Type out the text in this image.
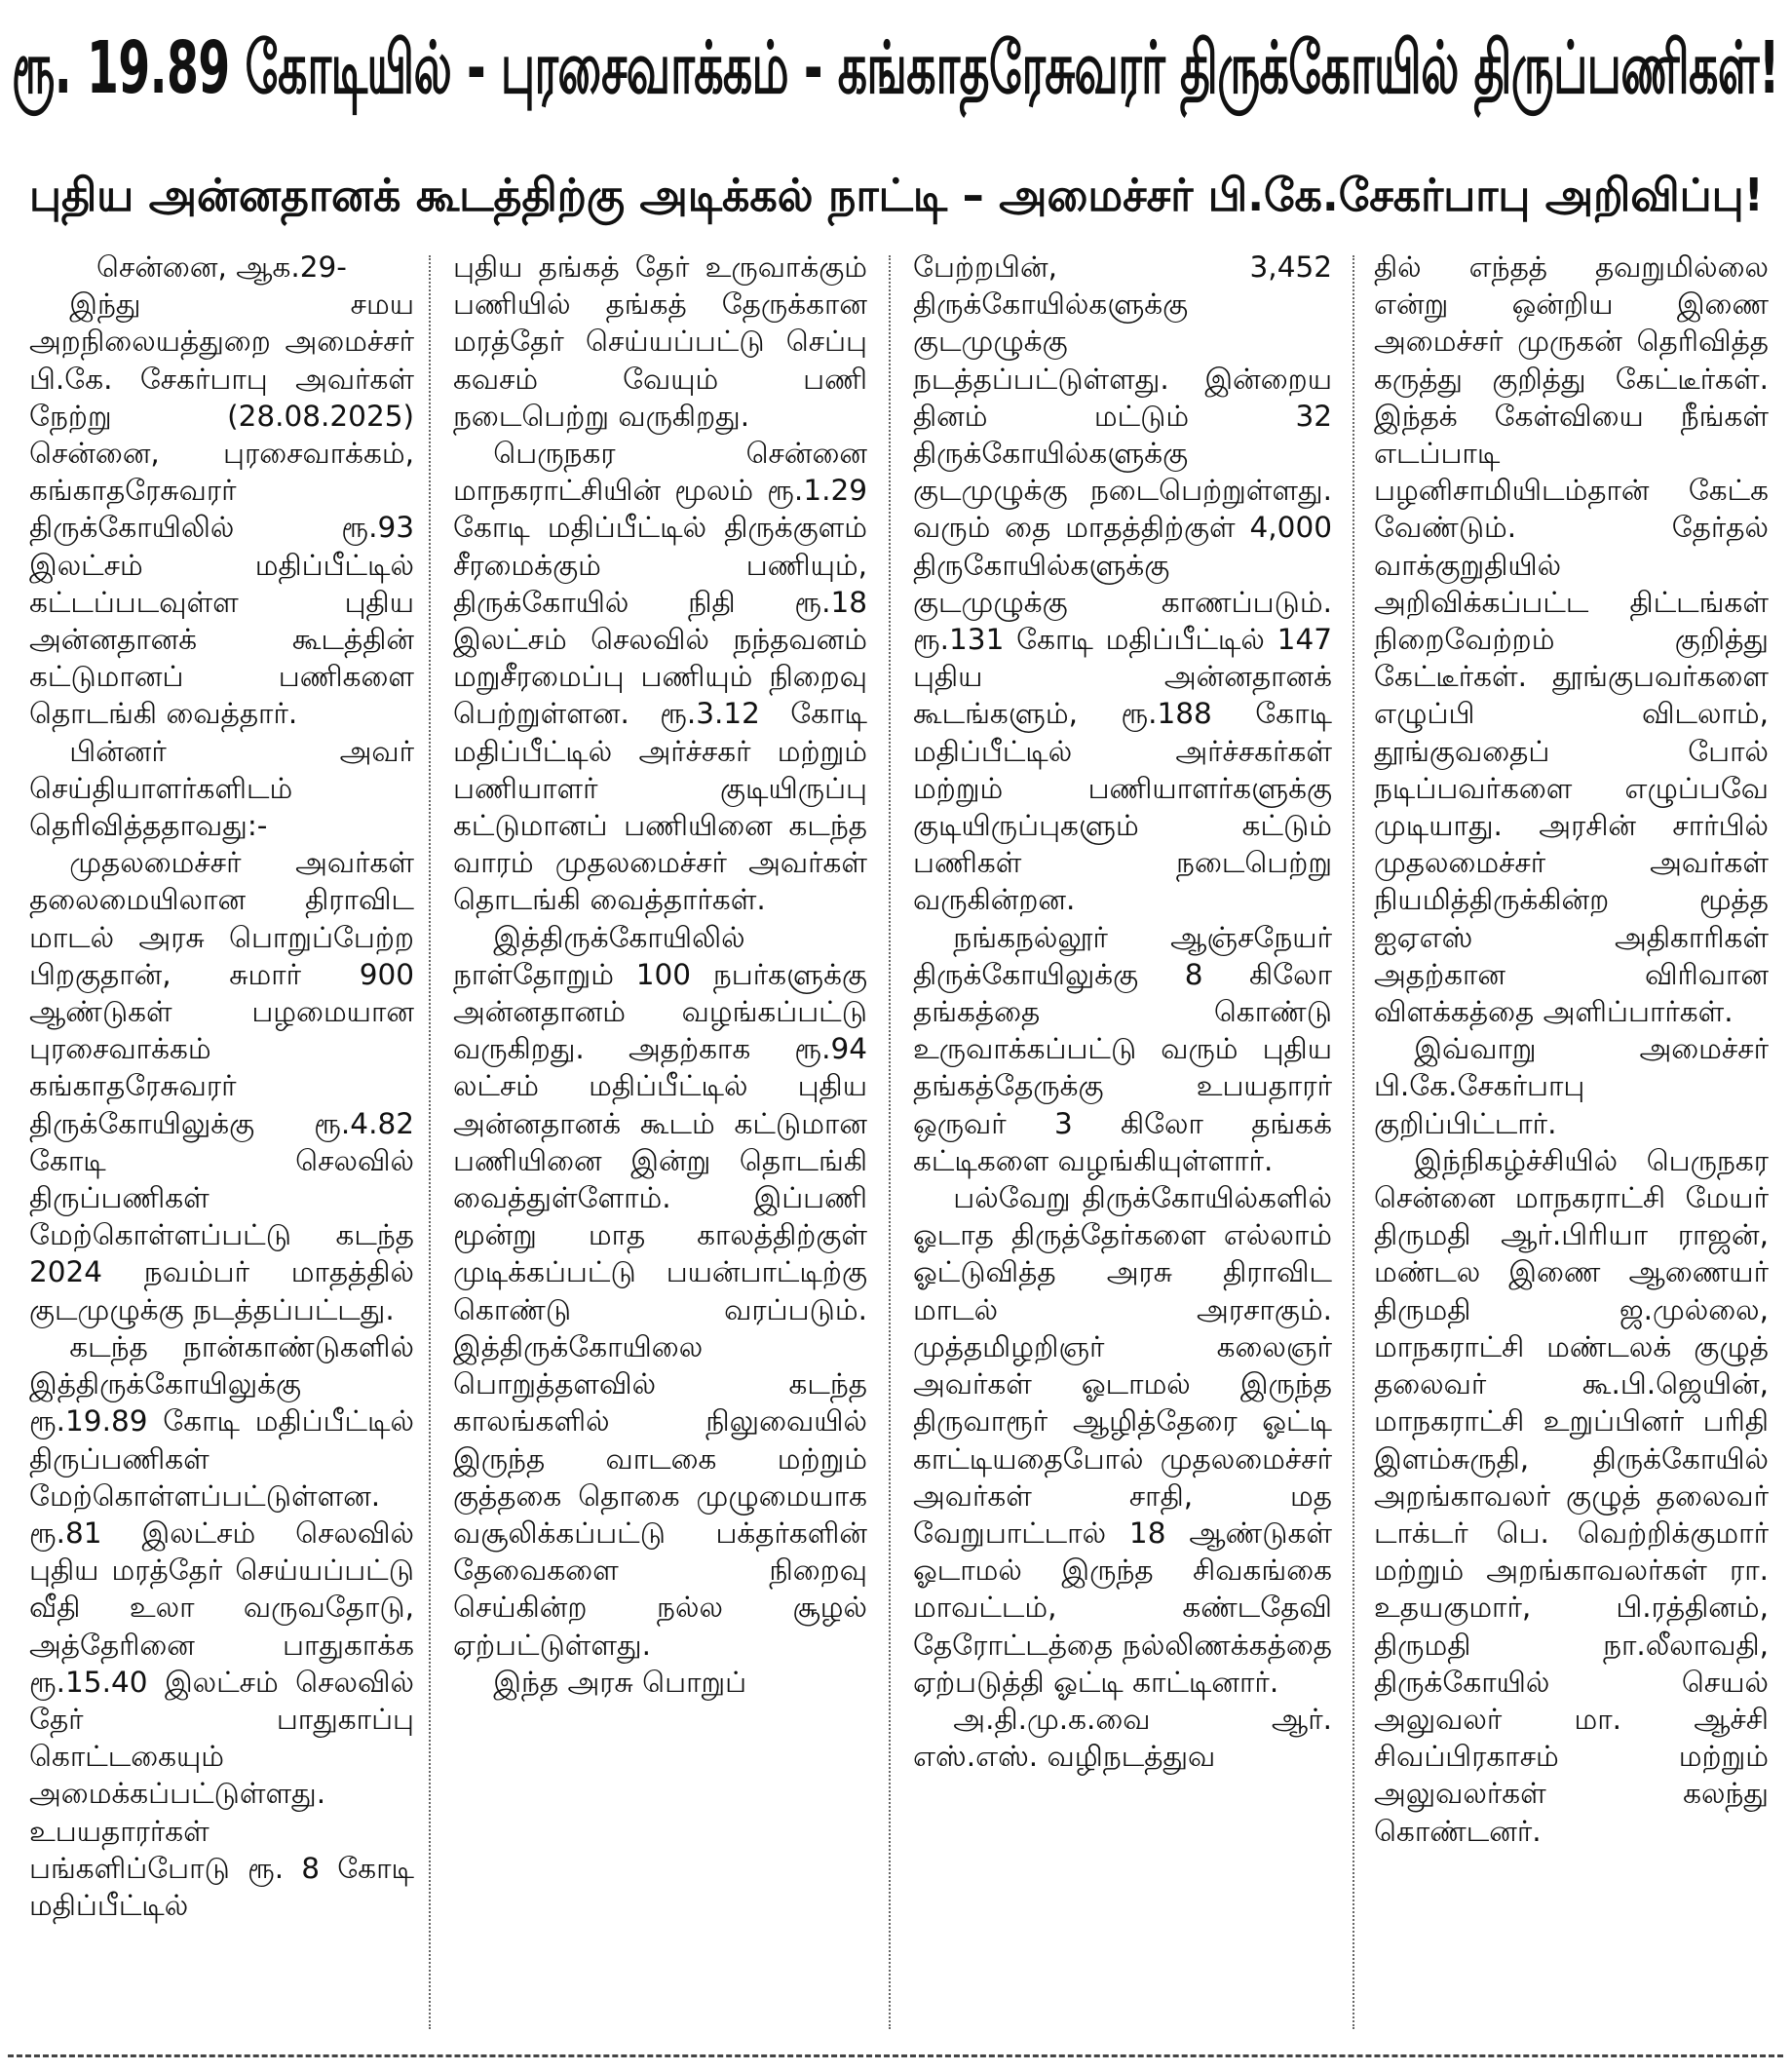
ரூ. 19.89 கோடியில் - புரசைவாக்கம் - கங்காதரேசுவரர் திருக்கோயில் திருப்பணிகள்!
புதிய அன்னதானக் கூடத்திற்கு அடிக்கல் நாட்டி – அமைச்சர் பி.கே.சேகர்பாபு அறிவிப்பு!

சென்னை, ஆக.29-

இந்து சமய அறநிலையத்துறை அமைச்சர் பி.கே. சேகர்பாபு அவர்கள் நேற்று (28.08.2025) சென்னை, புரசைவாக்கம், கங்காதரேசுவரர் திருக்கோயிலில் ரூ.93 இலட்சம் மதிப்பீட்டில் கட்டப்படவுள்ள புதிய அன்னதானக் கூடத்தின் கட்டுமானப் பணிகளை தொடங்கி வைத்தார்.

பின்னர் அவர் செய்தியாளர்களிடம் தெரிவித்ததாவது:-

முதலமைச்சர் அவர்கள் தலைமையிலான திராவிட மாடல் அரசு பொறுப்பேற்ற பிறகுதான், சுமார் 900 ஆண்டுகள் பழமையான புரசைவாக்கம் கங்காதரேசுவரர் திருக்கோயிலுக்கு ரூ.4.82 கோடி செலவில் திருப்பணிகள் மேற்கொள்ளப்பட்டு கடந்த 2024 நவம்பர் மாதத்தில் குடமுழுக்கு நடத்தப்பட்டது.

கடந்த நான்காண்டுகளில் இத்திருக்கோயிலுக்கு ரூ.19.89 கோடி மதிப்பீட்டில் திருப்பணிகள் மேற்கொள்ளப்பட்டுள்ளன. ரூ.81 இலட்சம் செலவில் புதிய மரத்தேர் செய்யப்பட்டு வீதி உலா வருவதோடு, அத்தேரினை பாதுகாக்க ரூ.15.40 இலட்சம் செலவில் தேர் பாதுகாப்பு கொட்டகையும் அமைக்கப்பட்டுள்ளது. உபயதாரர்கள் பங்களிப்போடு ரூ. 8 கோடி மதிப்பீட்டில்

புதிய தங்கத் தேர் உருவாக்கும் பணியில் தங்கத் தேருக்கான மரத்தேர் செய்யப்பட்டு செப்பு கவசம் வேயும் பணி நடைபெற்று வருகிறது.

பெருநகர சென்னை மாநகராட்சியின் மூலம் ரூ.1.29 கோடி மதிப்பீட்டில் திருக்குளம் சீரமைக்கும் பணியும், திருக்கோயில் நிதி ரூ.18 இலட்சம் செலவில் நந்தவனம் மறுசீரமைப்பு பணியும் நிறைவு பெற்றுள்ளன. ரூ.3.12 கோடி மதிப்பீட்டில் அர்ச்சகர் மற்றும் பணியாளர் குடியிருப்பு கட்டுமானப் பணியினை கடந்த வாரம் முதலமைச்சர் அவர்கள் தொடங்கி வைத்தார்கள்.

இத்திருக்கோயிலில் நாள்தோறும் 100 நபர்களுக்கு அன்னதானம் வழங்கப்பட்டு வருகிறது. அதற்காக ரூ.94 லட்சம் மதிப்பீட்டில் புதிய அன்னதானக் கூடம் கட்டுமான பணியினை இன்று தொடங்கி வைத்துள்ளோம். இப்பணி மூன்று மாத காலத்திற்குள் முடிக்கப்பட்டு பயன்பாட்டிற்கு கொண்டு வரப்படும். இத்திருக்கோயிலை பொறுத்தளவில் கடந்த காலங்களில் நிலுவையில் இருந்த வாடகை மற்றும் குத்தகை தொகை முழுமையாக வசூலிக்கப்பட்டு பக்தர்களின் தேவைகளை நிறைவு செய்கின்ற நல்ல சூழல் ஏற்பட்டுள்ளது.

இந்த அரசு பொறுப்

பேற்றபின், 3,452 திருக்கோயில்களுக்கு குடமுழுக்கு நடத்தப்பட்டுள்ளது. இன்றைய தினம் மட்டும் 32 திருக்கோயில்களுக்கு குடமுழுக்கு நடைபெற்றுள்ளது. வரும் தை மாதத்திற்குள் 4,000 திருகோயில்களுக்கு குடமுழுக்கு காணப்படும். ரூ.131 கோடி மதிப்பீட்டில் 147 புதிய அன்னதானக் கூடங்களும், ரூ.188 கோடி மதிப்பீட்டில் அர்ச்சகர்கள் மற்றும் பணியாளர்களுக்கு குடியிருப்புகளும் கட்டும் பணிகள் நடைபெற்று வருகின்றன.

நங்கநல்லூர் ஆஞ்சநேயர் திருக்கோயிலுக்கு 8 கிலோ தங்கத்தை கொண்டு உருவாக்கப்பட்டு வரும் புதிய தங்கத்தேருக்கு உபயதாரர் ஒருவர் 3 கிலோ தங்கக் கட்டிகளை வழங்கியுள்ளார்.

பல்வேறு திருக்கோயில்களில் ஓடாத திருத்தேர்களை எல்லாம் ஓட்டுவித்த அரசு திராவிட மாடல் அரசாகும். முத்தமிழறிஞர் கலைஞர் அவர்கள் ஓடாமல் இருந்த திருவாரூர் ஆழித்தேரை ஓட்டி காட்டியதைபோல் முதலமைச்சர் அவர்கள் சாதி, மத வேறுபாட்டால் 18 ஆண்டுகள் ஓடாமல் இருந்த சிவகங்கை மாவட்டம், கண்டதேவி தேரோட்டத்தை நல்லிணக்கத்தை ஏற்படுத்தி ஓட்டி காட்டினார்.

அ.தி.மு.க.வை ஆர். எஸ்.எஸ். வழிநடத்துவ

தில் எந்தத் தவறுமில்லை என்று ஒன்றிய இணை அமைச்சர் முருகன் தெரிவித்த கருத்து குறித்து கேட்டீர்கள். இந்தக் கேள்வியை நீங்கள் எடப்பாடி பழனிசாமியிடம்தான் கேட்க வேண்டும். தேர்தல் வாக்குறுதியில் அறிவிக்கப்பட்ட திட்டங்கள் நிறைவேற்றம் குறித்து கேட்டீர்கள். தூங்குபவர்களை எழுப்பி விடலாம், தூங்குவதைப் போல் நடிப்பவர்களை எழுப்பவே முடியாது. அரசின் சார்பில் முதலமைச்சர் அவர்கள் நியமித்திருக்கின்ற மூத்த ஐஏஎஸ் அதிகாரிகள் அதற்கான விரிவான விளக்கத்தை அளிப்பார்கள்.

இவ்வாறு அமைச்சர் பி.கே.சேகர்பாபு குறிப்பிட்டார்.

இந்நிகழ்ச்சியில் பெருநகர சென்னை மாநகராட்சி மேயர் திருமதி ஆர்.பிரியா ராஜன், மண்டல இணை ஆணையர் திருமதி ஜ.முல்லை, மாநகராட்சி மண்டலக் குழுத் தலைவர் கூ.பி.ஜெயின், மாநகராட்சி உறுப்பினர் பரிதி இளம்சுருதி, திருக்கோயில் அறங்காவலர் குழுத் தலைவர் டாக்டர் பெ. வெற்றிக்குமார் மற்றும் அறங்காவலர்கள் ரா. உதயகுமார், பி.ரத்தினம், திருமதி நா.லீலாவதி, திருக்கோயில் செயல் அலுவலர் மா. ஆச்சி சிவப்பிரகாசம் மற்றும் அலுவலர்கள் கலந்து கொண்டனர்.
